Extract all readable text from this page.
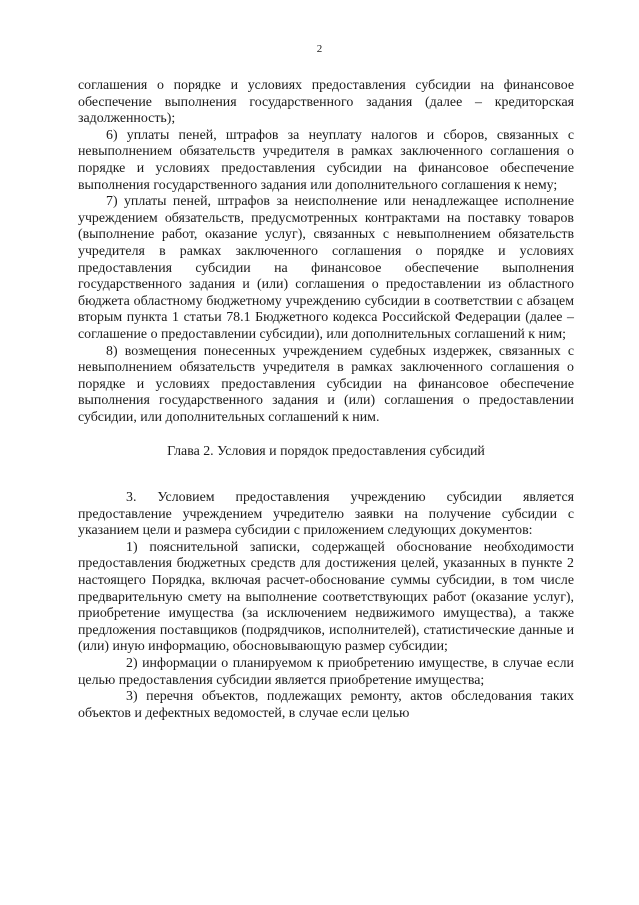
2

соглашения о порядке и условиях предоставления субсидии на финансовое обеспечение выполнения государственного задания (далее – кредиторская задолженность);

6) уплаты пеней, штрафов за неуплату налогов и сборов, связанных с невыполнением обязательств учредителя в рамках заключенного соглашения о порядке и условиях предоставления субсидии на финансовое обеспечение выполнения государственного задания или дополнительного соглашения к нему;

7) уплаты пеней, штрафов за неисполнение или ненадлежащее исполнение учреждением обязательств, предусмотренных контрактами на поставку товаров (выполнение работ, оказание услуг), связанных с невыполнением обязательств учредителя в рамках заключенного соглашения о порядке и условиях предоставления субсидии на финансовое обеспечение выполнения государственного задания и (или) соглашения о предоставлении из областного бюджета областному бюджетному учреждению субсидии в соответствии с абзацем вторым пункта 1 статьи 78.1 Бюджетного кодекса Российской Федерации (далее – соглашение о предоставлении субсидии), или дополнительных соглашений к ним;

8) возмещения понесенных учреждением судебных издержек, связанных с невыполнением обязательств учредителя в рамках заключенного соглашения о порядке и условиях предоставления субсидии на финансовое обеспечение выполнения государственного задания и (или) соглашения о предоставлении субсидии, или дополнительных соглашений к ним.

Глава 2. Условия и порядок предоставления субсидий

3. Условием предоставления учреждению субсидии является предоставление учреждением учредителю заявки на получение субсидии с указанием цели и размера субсидии с приложением следующих документов:

1) пояснительной записки, содержащей обоснование необходимости предоставления бюджетных средств для достижения целей, указанных в пункте 2 настоящего Порядка, включая расчет-обоснование суммы субсидии, в том числе предварительную смету на выполнение соответствующих работ (оказание услуг), приобретение имущества (за исключением недвижимого имущества), а также предложения поставщиков (подрядчиков, исполнителей), статистические данные и (или) иную информацию, обосновывающую размер субсидии;

2) информации о планируемом к приобретению имуществе, в случае если целью предоставления субсидии является приобретение имущества;

3) перечня объектов, подлежащих ремонту, актов обследования таких объектов и дефектных ведомостей, в случае если целью
